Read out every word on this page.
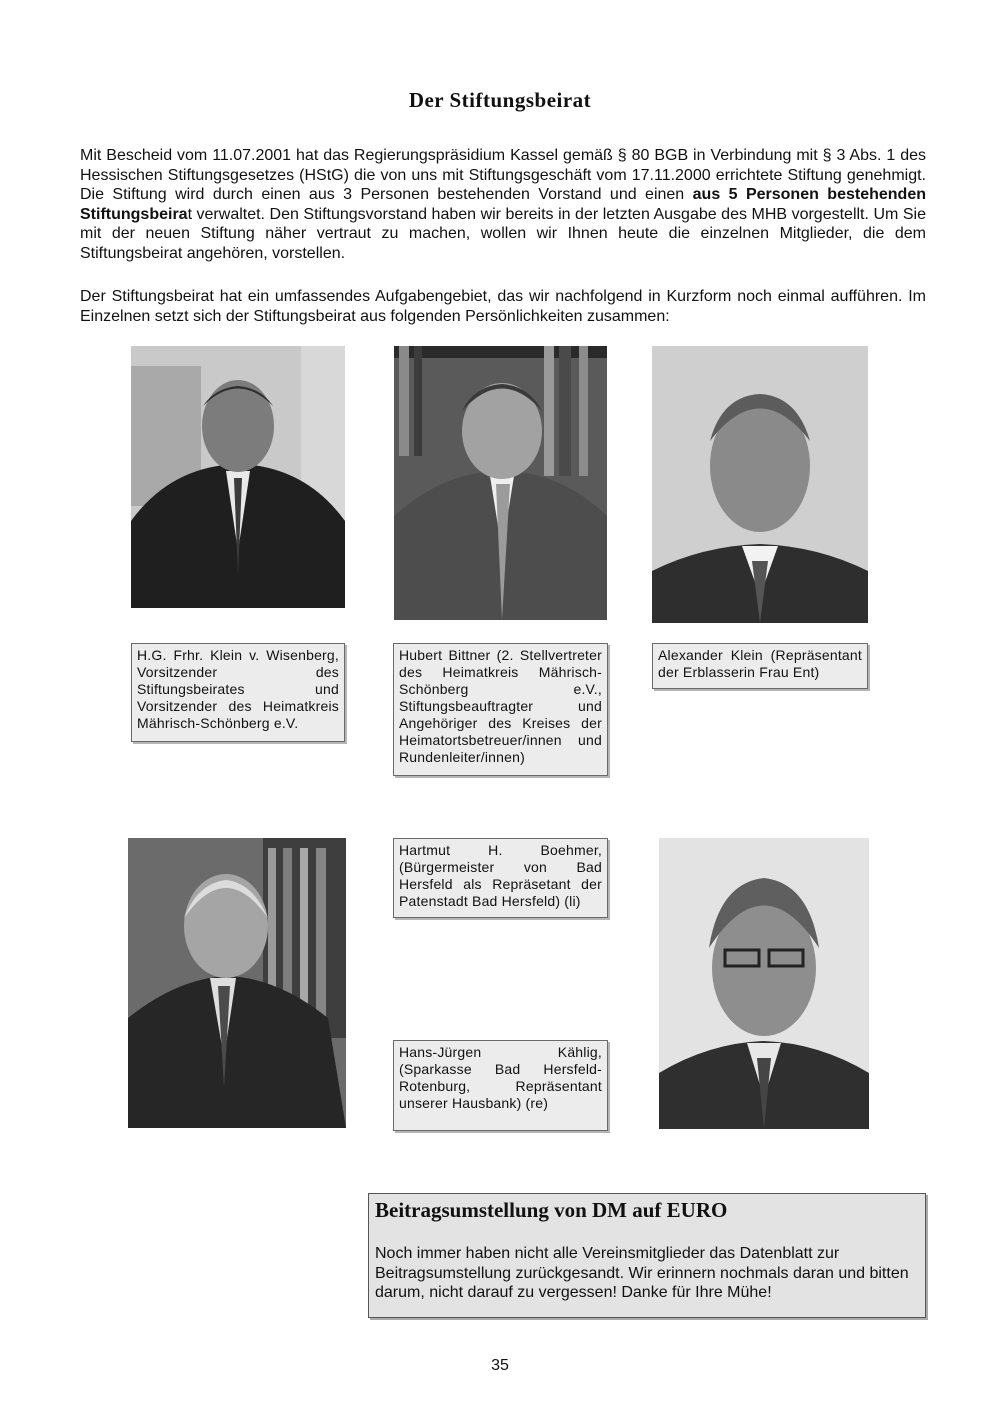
Der Stiftungsbeirat

Mit Bescheid vom 11.07.2001 hat das Regierungspräsidium Kassel gemäß § 80 BGB in Verbindung mit § 3 Abs. 1 des Hessischen Stiftungsgesetzes (HStG) die von uns mit Stiftungsgeschäft vom 17.11.2000 errichtete Stiftung genehmigt. Die Stiftung wird durch einen aus 3 Personen bestehenden Vorstand und einen aus 5 Personen bestehenden Stiftungsbeirat verwaltet. Den Stiftungsvorstand haben wir bereits in der letzten Ausgabe des MHB vorgestellt. Um Sie mit der neuen Stiftung näher vertraut zu machen, wollen wir Ihnen heute die einzelnen Mitglieder, die dem Stiftungsbeirat angehören, vorstellen.

Der Stiftungsbeirat hat ein umfassendes Aufgabengebiet, das wir nachfolgend in Kurzform noch einmal aufführen. Im Einzelnen setzt sich der Stiftungsbeirat aus folgenden Persönlichkeiten zusammen:

H.G. Frhr. Klein v. Wisenberg, Vorsitzender des Stiftungsbeirates und Vorsitzender des Heimatkreis Mährisch-Schönberg e.V.
Hubert Bittner (2. Stellvertreter des Heimatkreis Mährisch-Schönberg e.V., Stiftungsbeauftragter und Angehöriger des Kreises der Heimatortsbetreuer/innen und Rundenleiter/innen)
Alexander Klein (Repräsentant der Erblasserin Frau Ent)
Hartmut H. Boehmer, (Bürgermeister von Bad Hersfeld als Repräsetant der Patenstadt Bad Hersfeld) (li)
Hans-Jürgen Kählig, (Sparkasse Bad Hersfeld-Rotenburg, Repräsentant unserer Hausbank) (re)
Beitragsumstellung von DM auf EURO

Noch immer haben nicht alle Vereinsmitglieder das Datenblatt zur Beitragsumstellung zurückgesandt. Wir erinnern nochmals daran und bitten darum, nicht darauf zu vergessen! Danke für Ihre Mühe!

35
